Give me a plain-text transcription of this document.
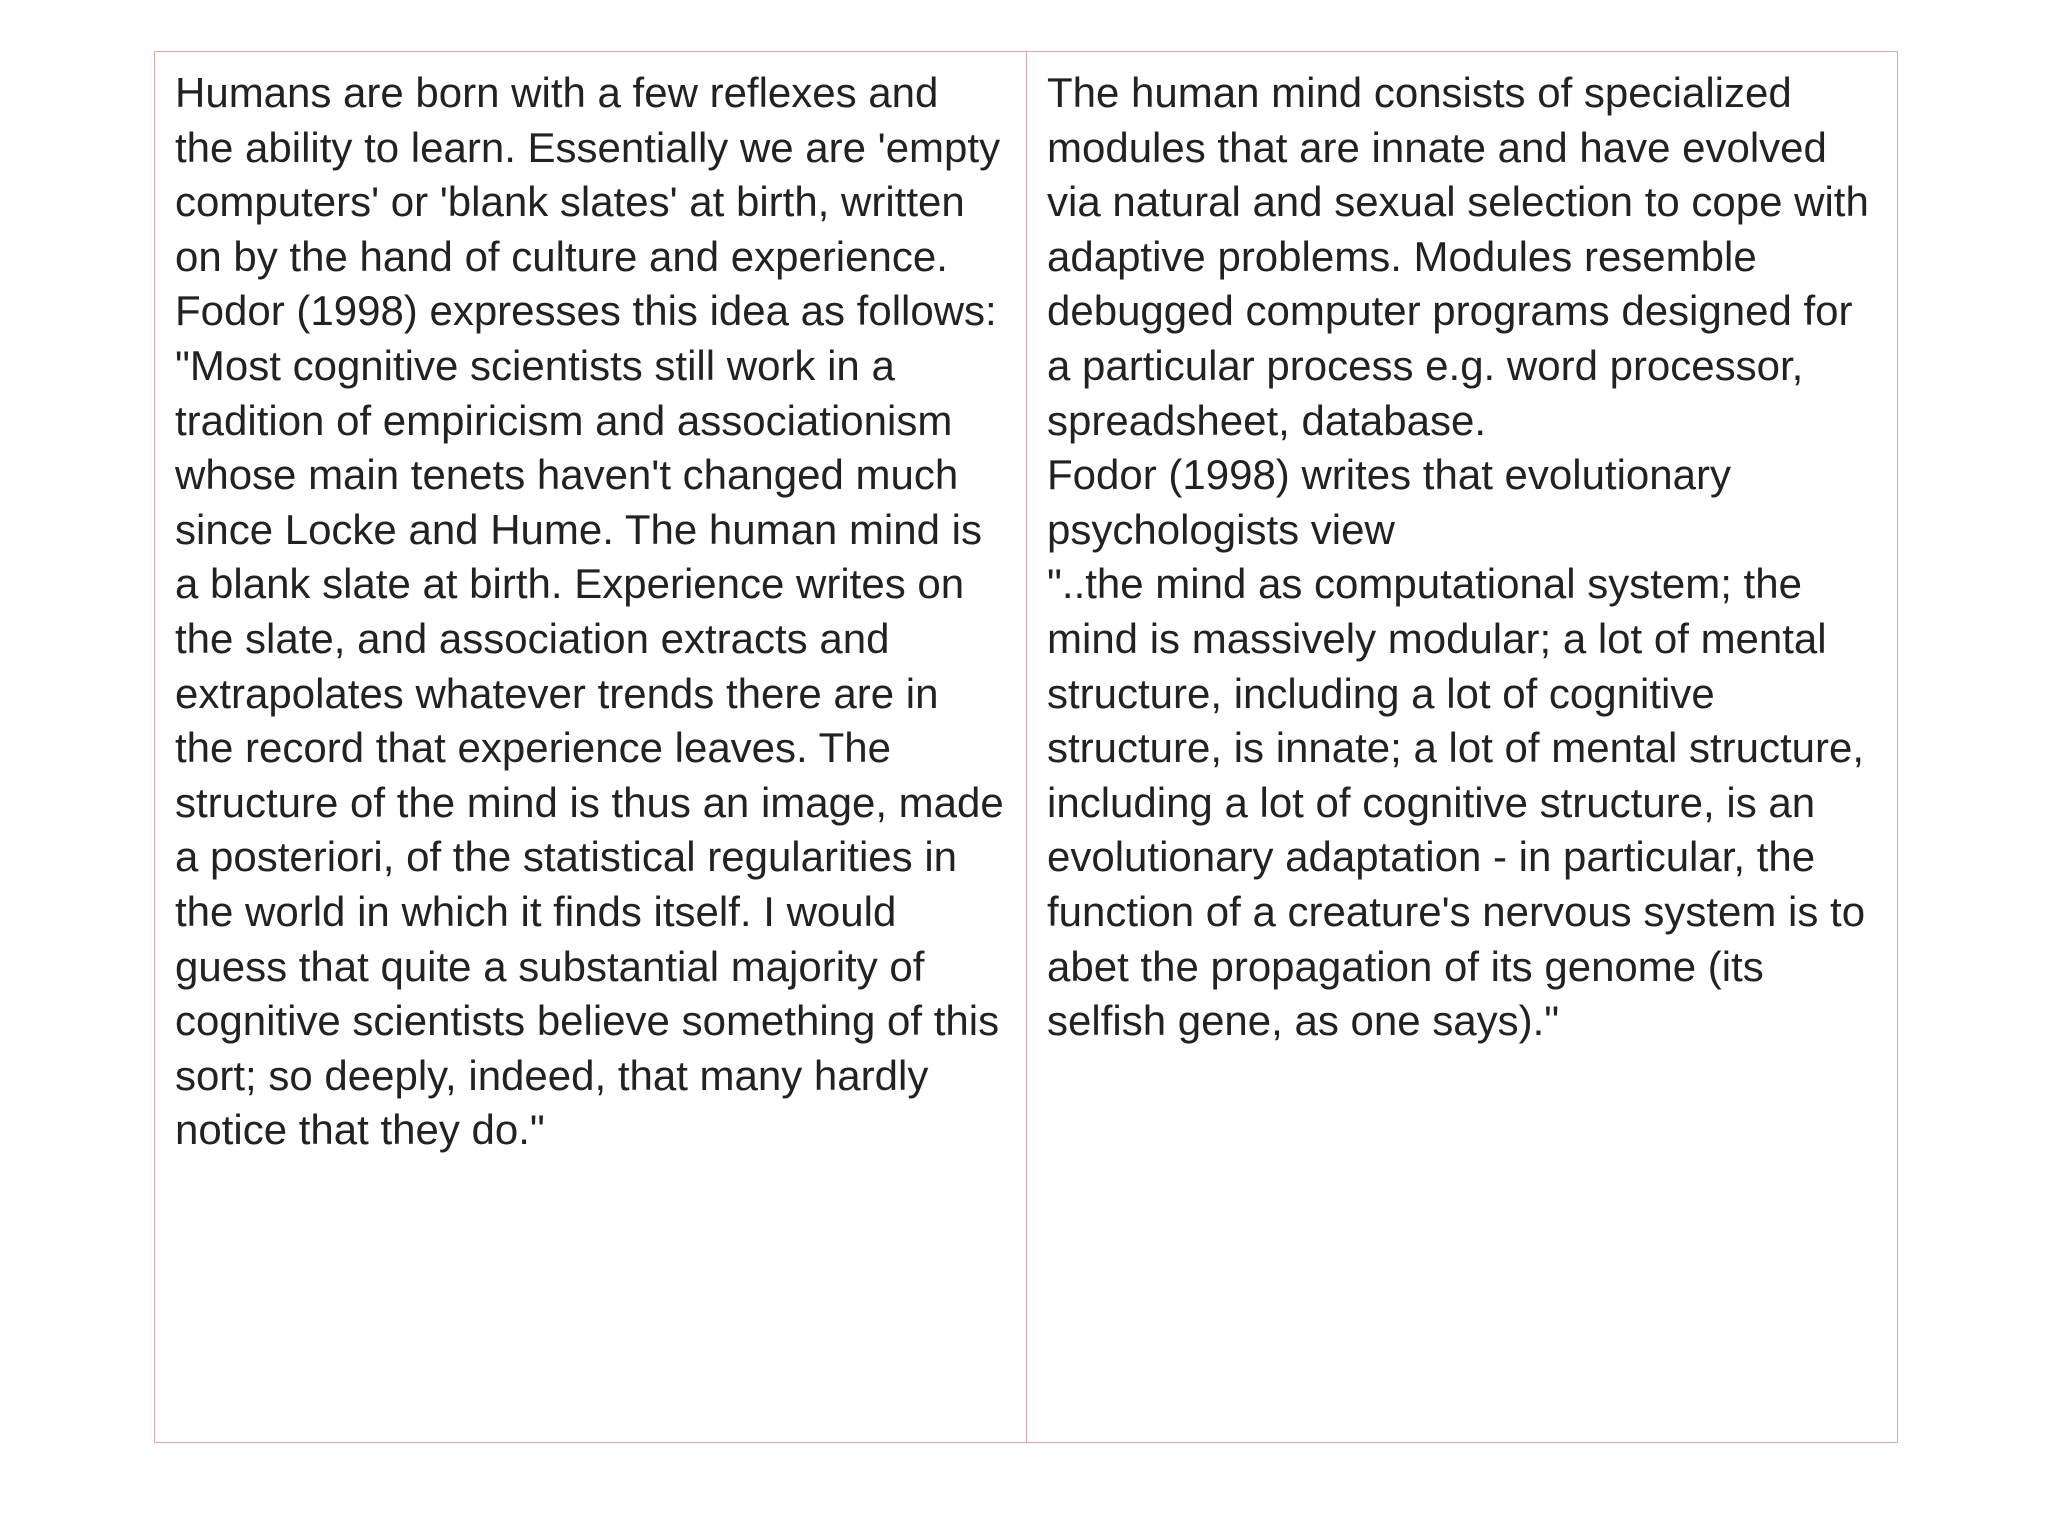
Humans are born with a few reflexes and the ability to learn. Essentially we are 'empty computers' or 'blank slates' at birth, written on by the hand of culture and experience.

Fodor (1998) expresses this idea as follows:

"Most cognitive scientists still work in a tradition of empiricism and associationism whose main tenets haven't changed much since Locke and Hume. The human mind is a blank slate at birth. Experience writes on the slate, and association extracts and extrapolates whatever trends there are in the record that experience leaves. The structure of the mind is thus an image, made a posteriori, of the statistical regularities in the world in which it finds itself. I would guess that quite a substantial majority of cognitive scientists believe something of this sort; so deeply, indeed, that many hardly notice that they do."

The human mind consists of specialized modules that are innate and have evolved via natural and sexual selection to cope with adaptive problems. Modules resemble debugged computer programs designed for a particular process e.g. word processor, spreadsheet, database.

Fodor (1998) writes that evolutionary psychologists view

"..the mind as computational system; the mind is massively modular; a lot of mental structure, including a lot of cognitive structure, is innate; a lot of mental structure, including a lot of cognitive structure, is an evolutionary adaptation - in particular, the function of a creature's nervous system is to abet the propagation of its genome (its selfish gene, as one says)."
